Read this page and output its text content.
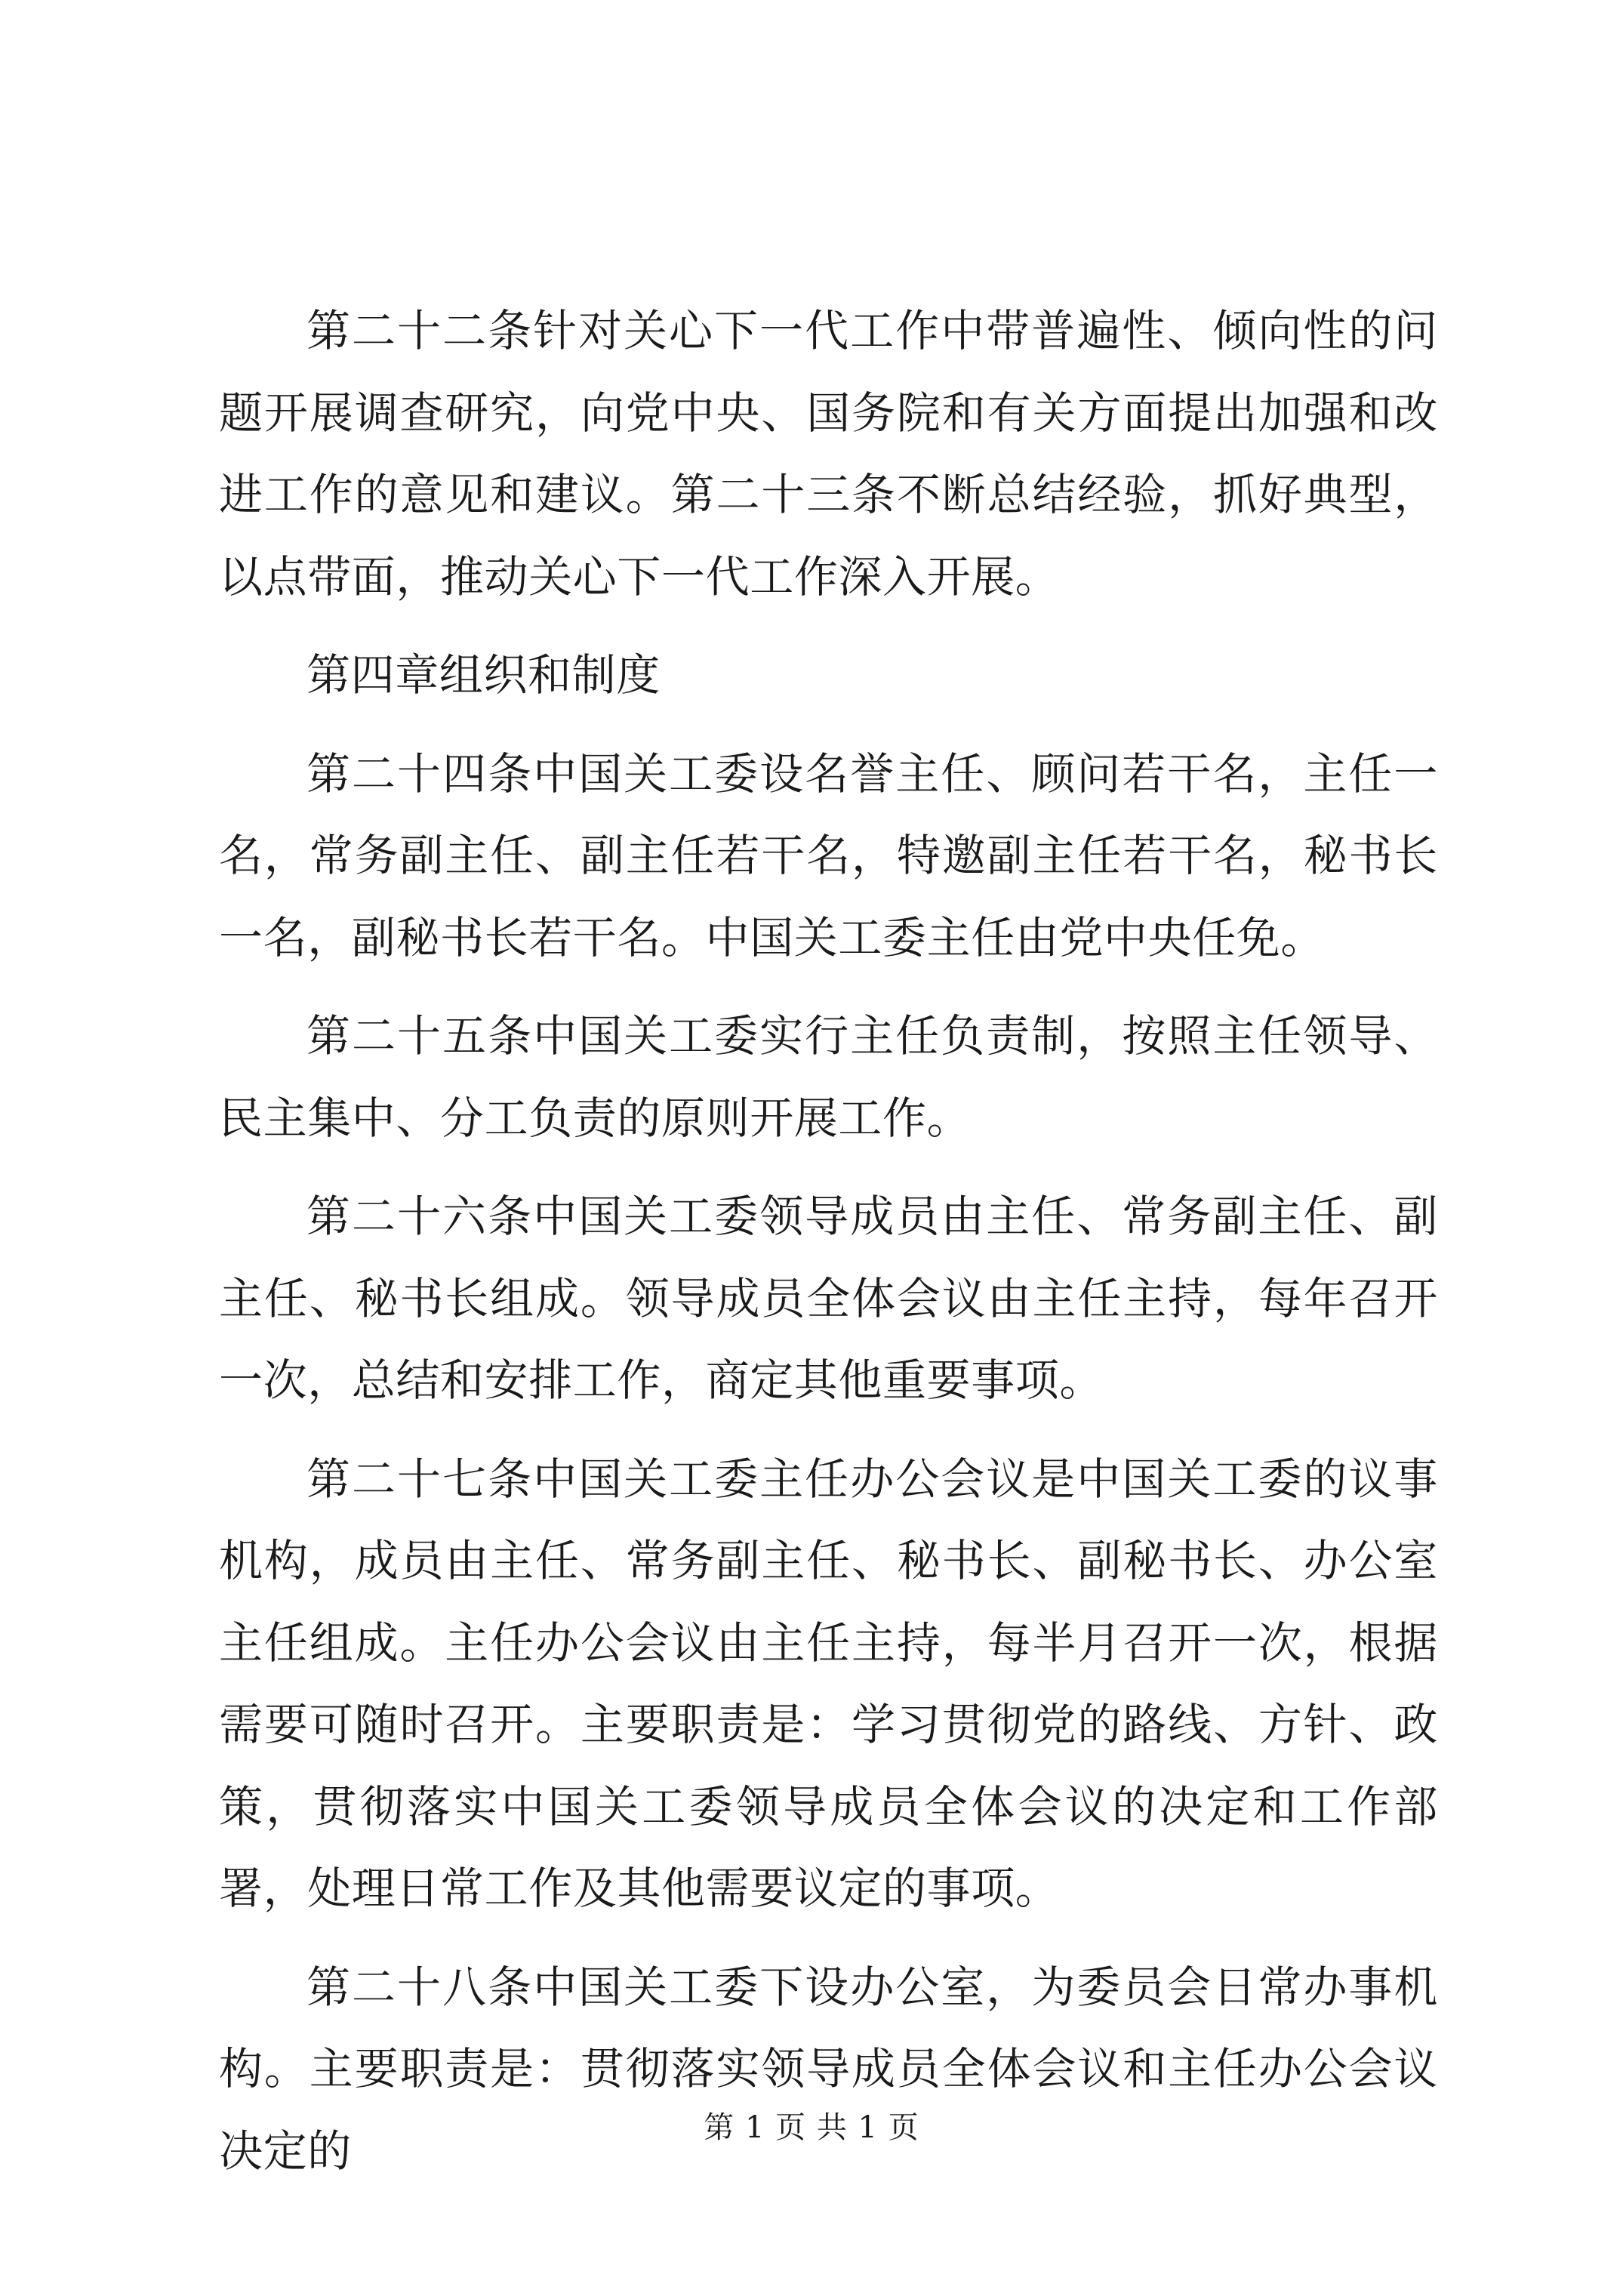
第二十二条针对关心下一代工作中带普遍性、倾向性的问题开展调查研究，向党中央、国务院和有关方面提出加强和改进工作的意见和建议。第二十三条不断总结经验，抓好典型，以点带面，推动关心下一代工作深入开展。

第四章组织和制度

第二十四条中国关工委设名誉主任、顾问若干名，主任一名，常务副主任、副主任若干名，特邀副主任若干名，秘书长一名，副秘书长若干名。中国关工委主任由党中央任免。

第二十五条中国关工委实行主任负责制，按照主任领导、民主集中、分工负责的原则开展工作。

第二十六条中国关工委领导成员由主任、常务副主任、副主任、秘书长组成。领导成员全体会议由主任主持，每年召开一次，总结和安排工作，商定其他重要事项。

第二十七条中国关工委主任办公会议是中国关工委的议事机构，成员由主任、常务副主任、秘书长、副秘书长、办公室主任组成。主任办公会议由主任主持，每半月召开一次，根据需要可随时召开。主要职责是：学习贯彻党的路线、方针、政策，贯彻落实中国关工委领导成员全体会议的决定和工作部署，处理日常工作及其他需要议定的事项。

第二十八条中国关工委下设办公室，为委员会日常办事机构。主要职责是：贯彻落实领导成员全体会议和主任办公会议决定的	第 1 页 共 1 页
